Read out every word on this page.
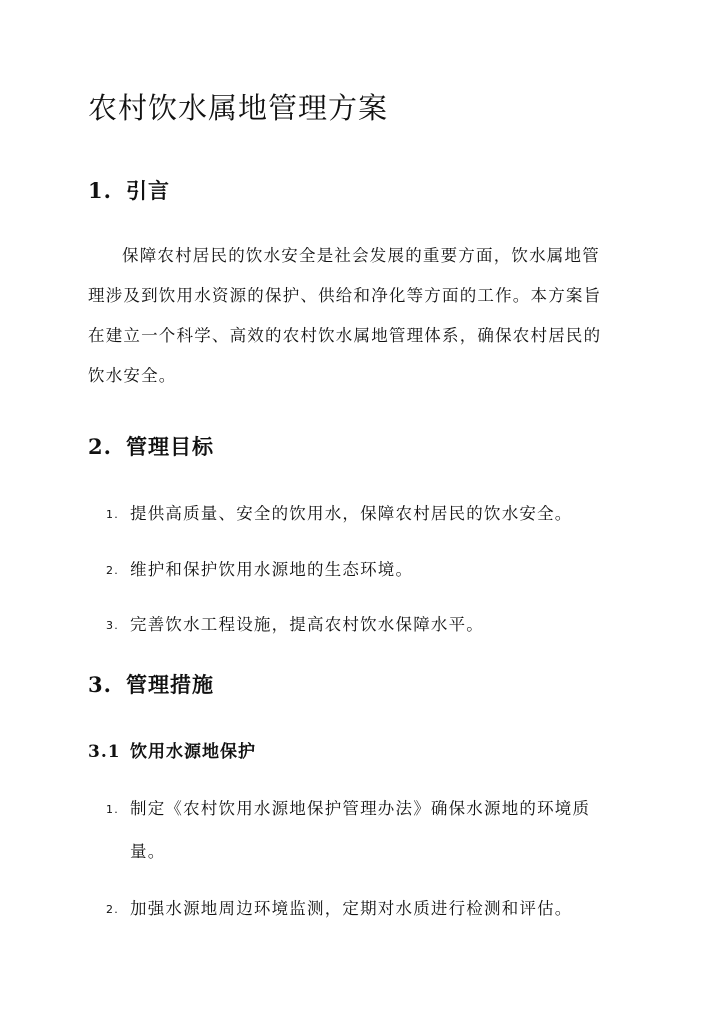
农村饮水属地管理方案
1. 引言
保障农村居民的饮水安全是社会发展的重要方面，饮水属地管
理涉及到饮用水资源的保护、供给和净化等方面的工作。本方案旨
在建立一个科学、高效的农村饮水属地管理体系，确保农村居民的
饮水安全。
2. 管理目标

1. 提供高质量、安全的饮用水，保障农村居民的饮水安全。

2. 维护和保护饮用水源地的生态环境。

3. 完善饮水工程设施，提高农村饮水保障水平。

3. 管理措施
3.1 饮用水源地保护

1. 制定《农村饮用水源地保护管理办法》确保水源地的环境质

量。

2. 加强水源地周边环境监测，定期对水质进行检测和评估。
